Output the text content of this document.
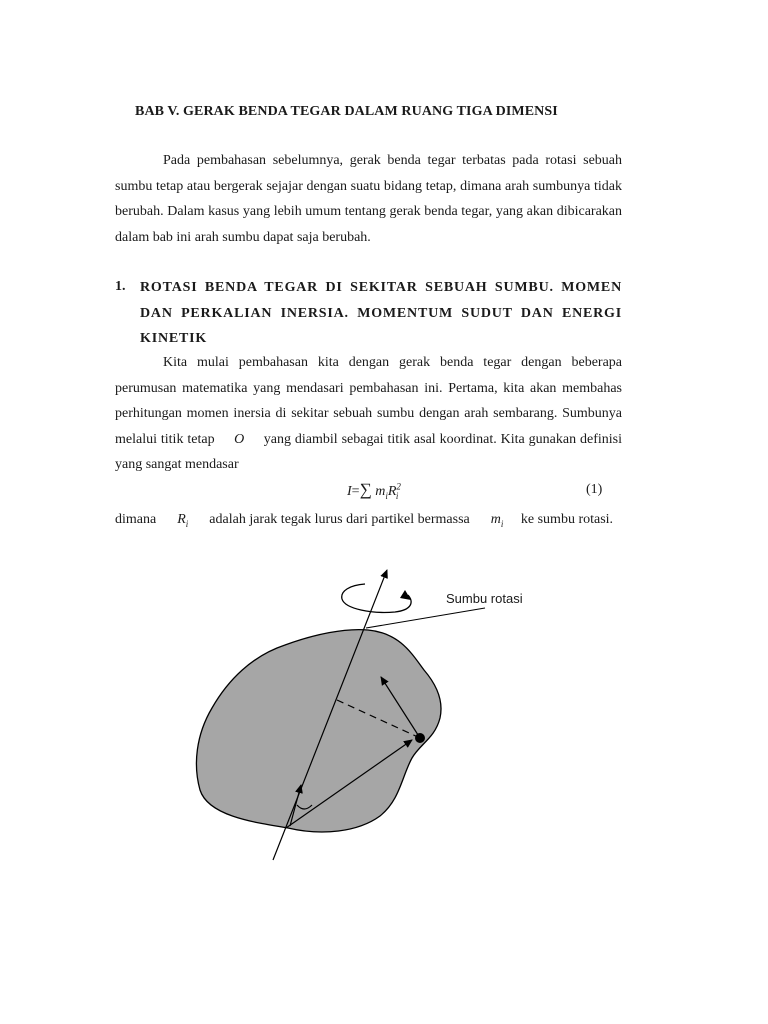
BAB V. GERAK BENDA TEGAR DALAM RUANG TIGA DIMENSI
Pada pembahasan sebelumnya, gerak benda tegar terbatas pada rotasi sebuah sumbu tetap atau bergerak sejajar dengan suatu bidang tetap, dimana arah sumbunya tidak berubah. Dalam kasus yang lebih umum tentang gerak benda tegar, yang akan dibicarakan dalam bab ini arah sumbu dapat saja berubah.
1. ROTASI BENDA TEGAR DI SEKITAR SEBUAH SUMBU. MOMEN DAN PERKALIAN INERSIA. MOMENTUM SUDUT DAN ENERGI KINETIK
Kita mulai pembahasan kita dengan gerak benda tegar dengan beberapa perumusan matematika yang mendasari pembahasan ini. Pertama, kita akan membahas perhitungan momen inersia di sekitar sebuah sumbu dengan arah sembarang. Sumbunya melalui titik tetap O yang diambil sebagai titik asal koordinat. Kita gunakan definisi yang sangat mendasar
I=∑ $m_iR^2_i$	(1)
dimana $R_i$ adalah jarak tegak lurus dari partikel bermassa $m_i$ ke sumbu rotasi.
Sumbu rotasi
